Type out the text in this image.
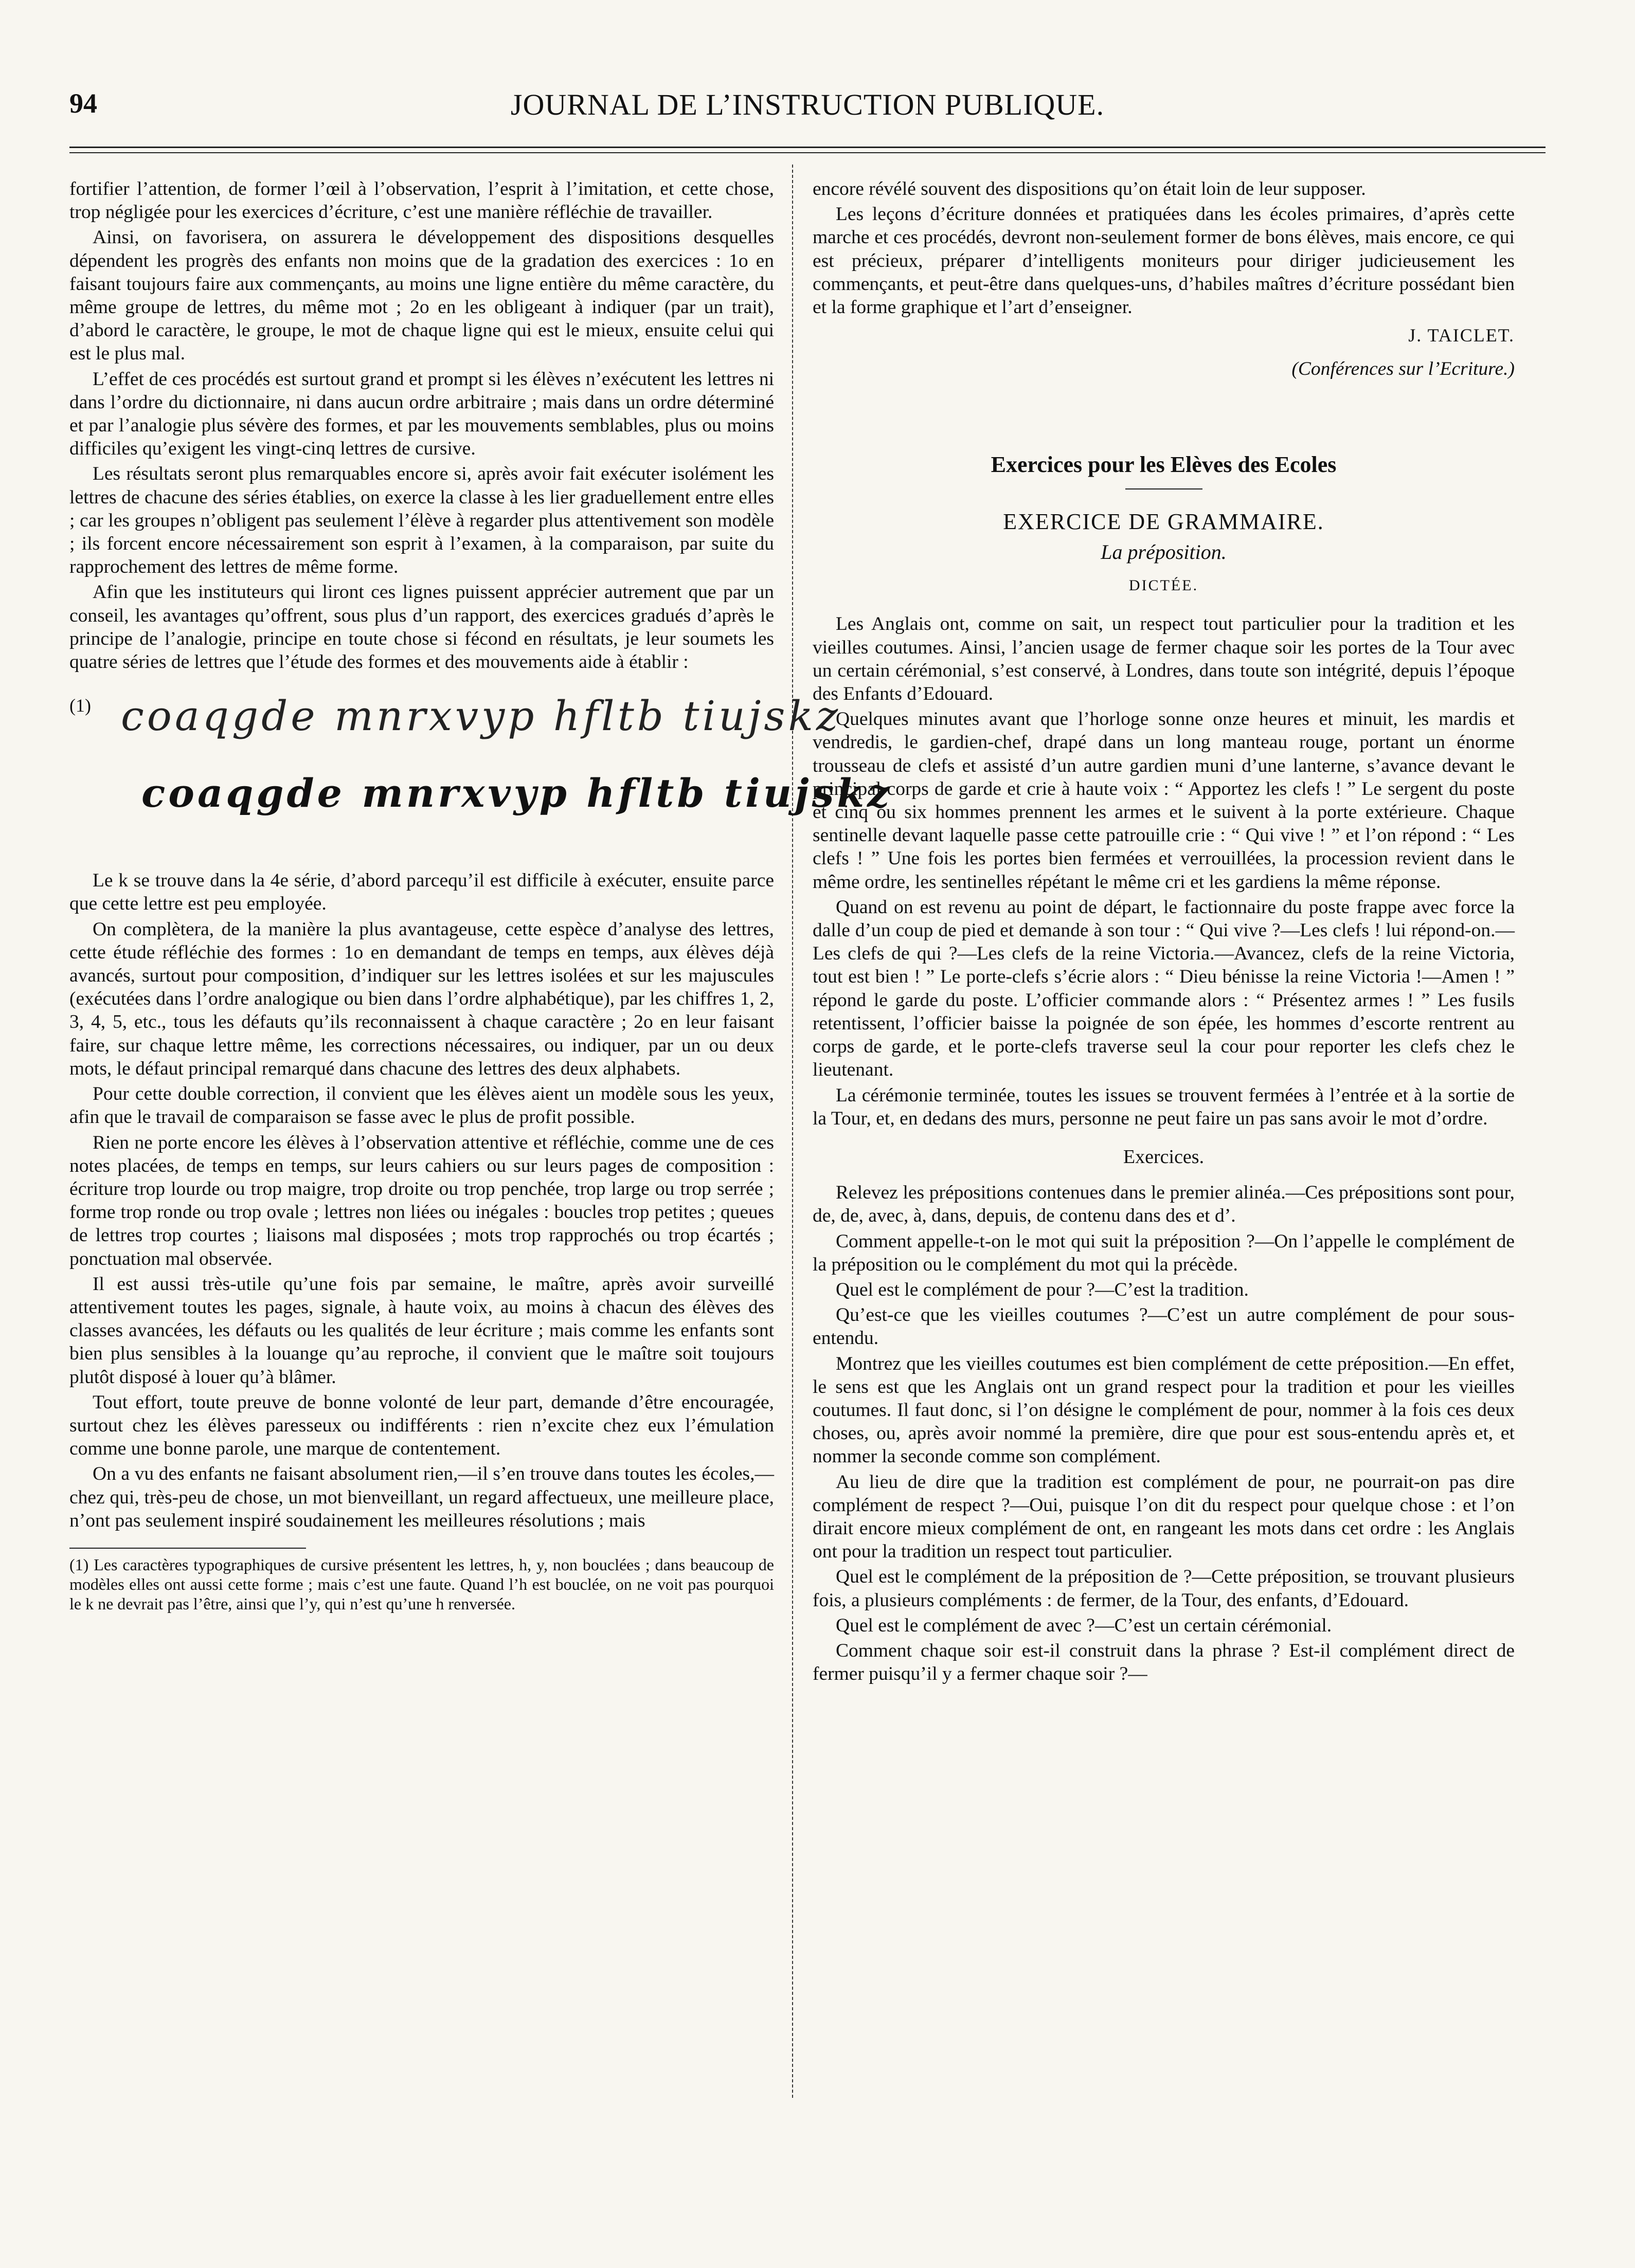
94	JOURNAL DE L’INSTRUCTION PUBLIQUE.

fortifier l’attention, de former l’œil à l’observation, l’esprit à l’imitation, et cette chose, trop négligée pour les exercices d’écriture, c’est une manière réfléchie de travailler.

Ainsi, on favorisera, on assurera le développement des dispositions desquelles dépendent les progrès des enfants non moins que de la gradation des exercices : 1o en faisant toujours faire aux commençants, au moins une ligne entière du même caractère, du même groupe de lettres, du même mot ; 2o en les obligeant à indiquer (par un trait), d’abord le caractère, le groupe, le mot de chaque ligne qui est le mieux, ensuite celui qui est le plus mal.

L’effet de ces procédés est surtout grand et prompt si les élèves n’exécutent les lettres ni dans l’ordre du dictionnaire, ni dans aucun ordre arbitraire ; mais dans un ordre déterminé et par l’analogie plus sévère des formes, et par les mouvements semblables, plus ou moins difficiles qu’exigent les vingt-cinq lettres de cursive.

Les résultats seront plus remarquables encore si, après avoir fait exécuter isolément les lettres de chacune des séries établies, on exerce la classe à les lier graduellement entre elles ; car les groupes n’obligent pas seulement l’élève à regarder plus attentivement son modèle ; ils forcent encore nécessairement son esprit à l’examen, à la comparaison, par suite du rapprochement des lettres de même forme.

Afin que les instituteurs qui liront ces lignes puissent apprécier autrement que par un conseil, les avantages qu’offrent, sous plus d’un rapport, des exercices gradués d’après le principe de l’analogie, principe en toute chose si fécond en résultats, je leur soumets les quatre séries de lettres que l’étude des formes et des mouvements aide à établir :

(1) coaqgde mnrxvyp hfltb tiujskz
coaqgde mnrxvyp hfltb tiujskz

Le k se trouve dans la 4e série, d’abord parcequ’il est difficile à exécuter, ensuite parce que cette lettre est peu employée.

On complètera, de la manière la plus avantageuse, cette espèce d’analyse des lettres, cette étude réfléchie des formes : 1o en demandant de temps en temps, aux élèves déjà avancés, surtout pour composition, d’indiquer sur les lettres isolées et sur les majuscules (exécutées dans l’ordre analogique ou bien dans l’ordre alphabétique), par les chiffres 1, 2, 3, 4, 5, etc., tous les défauts qu’ils reconnaissent à chaque caractère ; 2o en leur faisant faire, sur chaque lettre même, les corrections nécessaires, ou indiquer, par un ou deux mots, le défaut principal remarqué dans chacune des lettres des deux alphabets.

Pour cette double correction, il convient que les élèves aient un modèle sous les yeux, afin que le travail de comparaison se fasse avec le plus de profit possible.

Rien ne porte encore les élèves à l’observation attentive et réfléchie, comme une de ces notes placées, de temps en temps, sur leurs cahiers ou sur leurs pages de composition : écriture trop lourde ou trop maigre, trop droite ou trop penchée, trop large ou trop serrée ; forme trop ronde ou trop ovale ; lettres non liées ou inégales : boucles trop petites ; queues de lettres trop courtes ; liaisons mal disposées ; mots trop rapprochés ou trop écartés ; ponctuation mal observée.

Il est aussi très-utile qu’une fois par semaine, le maître, après avoir surveillé attentivement toutes les pages, signale, à haute voix, au moins à chacun des élèves des classes avancées, les défauts ou les qualités de leur écriture ; mais comme les enfants sont bien plus sensibles à la louange qu’au reproche, il convient que le maître soit toujours plutôt disposé à louer qu’à blâmer.

Tout effort, toute preuve de bonne volonté de leur part, demande d’être encouragée, surtout chez les élèves paresseux ou indifférents : rien n’excite chez eux l’émulation comme une bonne parole, une marque de contentement.

On a vu des enfants ne faisant absolument rien,—il s’en trouve dans toutes les écoles,—chez qui, très-peu de chose, un mot bienveillant, un regard affectueux, une meilleure place, n’ont pas seulement inspiré soudainement les meilleures résolutions ; mais

(1) Les caractères typographiques de cursive présentent les lettres, h, y, non bouclées ; dans beaucoup de modèles elles ont aussi cette forme ; mais c’est une faute. Quand l’h est bouclée, on ne voit pas pourquoi le k ne devrait pas l’être, ainsi que l’y, qui n’est qu’une h renversée.

encore révélé souvent des dispositions qu’on était loin de leur supposer.

Les leçons d’écriture données et pratiquées dans les écoles primaires, d’après cette marche et ces procédés, devront non-seulement former de bons élèves, mais encore, ce qui est précieux, préparer d’intelligents moniteurs pour diriger judicieusement les commençants, et peut-être dans quelques-uns, d’habiles maîtres d’écriture possédant bien et la forme graphique et l’art d’enseigner.

J. TAICLET.
(Conférences sur l’Ecriture.)
Exercices pour les Elèves des Ecoles
EXERCICE DE GRAMMAIRE.
La préposition.
DICTÉE.

Les Anglais ont, comme on sait, un respect tout particulier pour la tradition et les vieilles coutumes. Ainsi, l’ancien usage de fermer chaque soir les portes de la Tour avec un certain cérémonial, s’est conservé, à Londres, dans toute son intégrité, depuis l’époque des Enfants d’Edouard.

Quelques minutes avant que l’horloge sonne onze heures et minuit, les mardis et vendredis, le gardien-chef, drapé dans un long manteau rouge, portant un énorme trousseau de clefs et assisté d’un autre gardien muni d’une lanterne, s’avance devant le principal corps de garde et crie à haute voix : “ Apportez les clefs ! ” Le sergent du poste et cinq ou six hommes prennent les armes et le suivent à la porte extérieure. Chaque sentinelle devant laquelle passe cette patrouille crie : “ Qui vive ! ” et l’on répond : “ Les clefs ! ” Une fois les portes bien fermées et verrouillées, la procession revient dans le même ordre, les sentinelles répétant le même cri et les gardiens la même réponse.

Quand on est revenu au point de départ, le factionnaire du poste frappe avec force la dalle d’un coup de pied et demande à son tour : “ Qui vive ?—Les clefs ! lui répond-on.—Les clefs de qui ?—Les clefs de la reine Victoria.—Avancez, clefs de la reine Victoria, tout est bien ! ” Le porte-clefs s’écrie alors : “ Dieu bénisse la reine Victoria !—Amen ! ” répond le garde du poste. L’officier commande alors : “ Présentez armes ! ” Les fusils retentissent, l’officier baisse la poignée de son épée, les hommes d’escorte rentrent au corps de garde, et le porte-clefs traverse seul la cour pour reporter les clefs chez le lieutenant.

La cérémonie terminée, toutes les issues se trouvent fermées à l’entrée et à la sortie de la Tour, et, en dedans des murs, personne ne peut faire un pas sans avoir le mot d’ordre.

Exercices.

Relevez les prépositions contenues dans le premier alinéa.—Ces prépositions sont pour, de, de, avec, à, dans, depuis, de contenu dans des et d’.

Comment appelle-t-on le mot qui suit la préposition ?—On l’appelle le complément de la préposition ou le complément du mot qui la précède.

Quel est le complément de pour ?—C’est la tradition.

Qu’est-ce que les vieilles coutumes ?—C’est un autre complément de pour sous-entendu.

Montrez que les vieilles coutumes est bien complément de cette préposition.—En effet, le sens est que les Anglais ont un grand respect pour la tradition et pour les vieilles coutumes. Il faut donc, si l’on désigne le complément de pour, nommer à la fois ces deux choses, ou, après avoir nommé la première, dire que pour est sous-entendu après et, et nommer la seconde comme son complément.

Au lieu de dire que la tradition est complément de pour, ne pourrait-on pas dire complément de respect ?—Oui, puisque l’on dit du respect pour quelque chose : et l’on dirait encore mieux complément de ont, en rangeant les mots dans cet ordre : les Anglais ont pour la tradition un respect tout particulier.

Quel est le complément de la préposition de ?—Cette préposition, se trouvant plusieurs fois, a plusieurs compléments : de fermer, de la Tour, des enfants, d’Edouard.

Quel est le complément de avec ?—C’est un certain cérémonial.

Comment chaque soir est-il construit dans la phrase ? Est-il complément direct de fermer puisqu’il y a fermer chaque soir ?—
